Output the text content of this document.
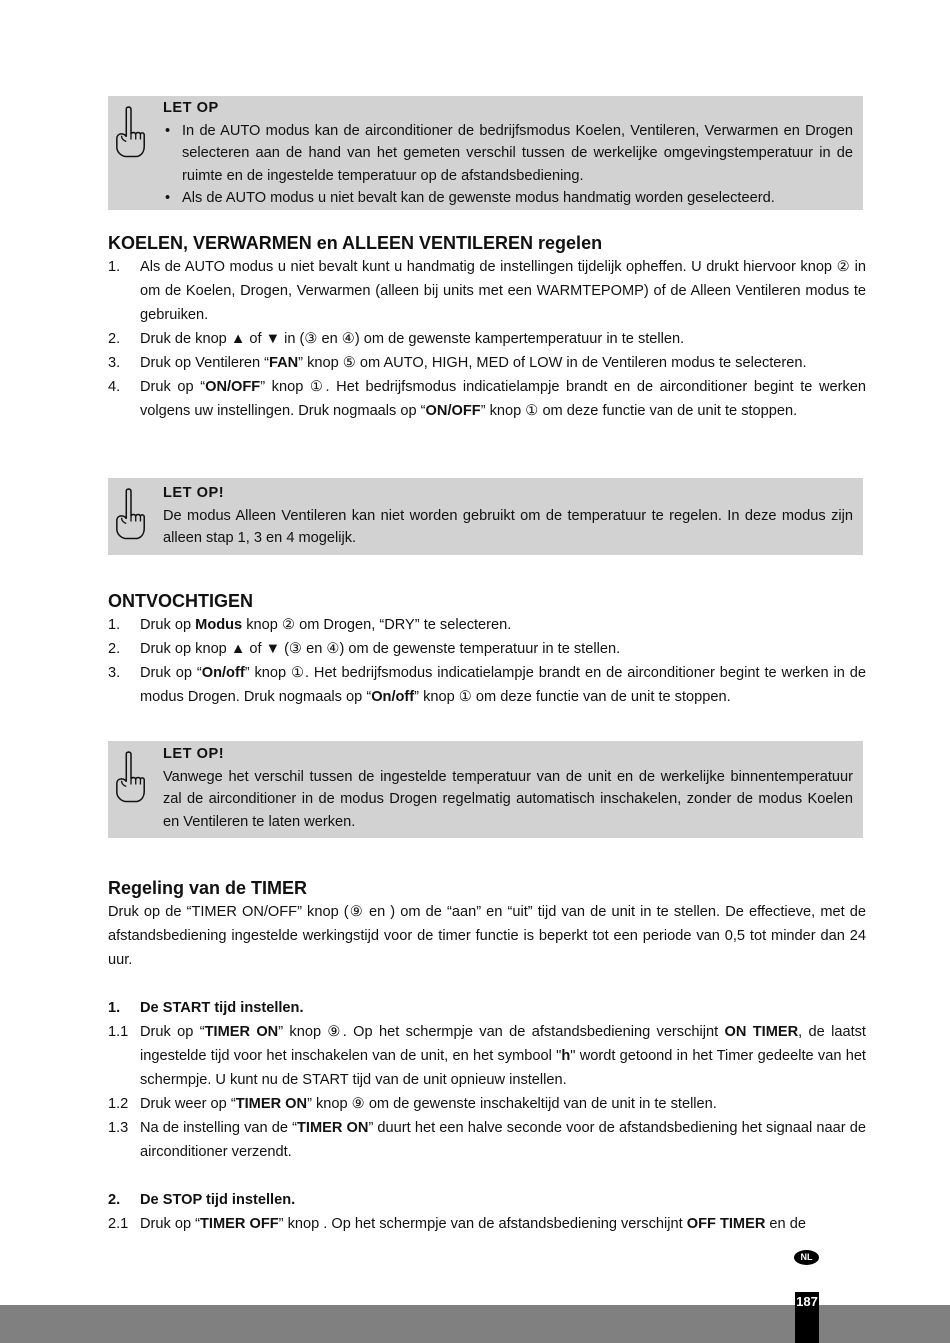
LET OP
• In de AUTO modus kan de airconditioner de bedrijfsmodus Koelen, Ventileren, Verwarmen en Drogen selecteren aan de hand van het gemeten verschil tussen de werkelijke omgevingstemperatuur in de ruimte en de ingestelde temperatuur op de afstandsbediening.
• Als de AUTO modus u niet bevalt kan de gewenste modus handmatig worden geselecteerd.
KOELEN, VERWARMEN en ALLEEN VENTILEREN regelen
1. Als de AUTO modus u niet bevalt kunt u handmatig de instellingen tijdelijk opheffen. U drukt hiervoor knop ② in om de Koelen, Drogen, Verwarmen (alleen bij units met een WARMTEPOMP) of de Alleen Ventileren modus te gebruiken.
2. Druk de knop ▲ of ▼ in (③ en ④) om de gewenste kampertemperatuur in te stellen.
3. Druk op Ventileren “FAN” knop ⑤ om AUTO, HIGH, MED of LOW in de Ventileren modus te selecteren.
4. Druk op “ON/OFF” knop ①. Het bedrijfsmodus indicatielampje brandt en de airconditioner begint te werken volgens uw instellingen. Druk nogmaals op “ON/OFF” knop ① om deze functie van de unit te stoppen.
LET OP!
De modus Alleen Ventileren kan niet worden gebruikt om de temperatuur te regelen. In deze modus zijn alleen stap 1, 3 en 4 mogelijk.
ONTVOCHTIGEN
1. Druk op Modus knop ② om Drogen, “DRY” te selecteren.
2. Druk op knop ▲ of ▼ (③ en ④) om de gewenste temperatuur in te stellen.
3. Druk op “On/off” knop ①. Het bedrijfsmodus indicatielampje brandt en de airconditioner begint te werken in de modus Drogen. Druk nogmaals op “On/off” knop ① om deze functie van de unit te stoppen.
LET OP!
Vanwege het verschil tussen de ingestelde temperatuur van de unit en de werkelijke binnentemperatuur zal de airconditioner in de modus Drogen regelmatig automatisch inschakelen, zonder de modus Koelen en Ventileren te laten werken.
Regeling van de TIMER

Druk op de “TIMER ON/OFF” knop (⑨ en ) om de “aan” en “uit” tijd van de unit in te stellen. De effectieve, met de afstandsbediening ingestelde werkingstijd voor de timer functie is beperkt tot een periode van 0,5 tot minder dan 24 uur.

1. De START tijd instellen.
1.1 Druk op “TIMER ON” knop ⑨. Op het schermpje van de afstandsbediening verschijnt ON TIMER, de laatst ingestelde tijd voor het inschakelen van de unit, en het symbool "h" wordt getoond in het Timer gedeelte van het schermpje. U kunt nu de START tijd van de unit opnieuw instellen.
1.2 Druk weer op “TIMER ON” knop ⑨ om de gewenste inschakeltijd van de unit in te stellen.
1.3 Na de instelling van de “TIMER ON” duurt het een halve seconde voor de afstandsbediening het signaal naar de airconditioner verzendt.
2. De STOP tijd instellen.
2.1 Druk op “TIMER OFF” knop . Op het schermpje van de afstandsbediening verschijnt OFF TIMER en de
NL
187
